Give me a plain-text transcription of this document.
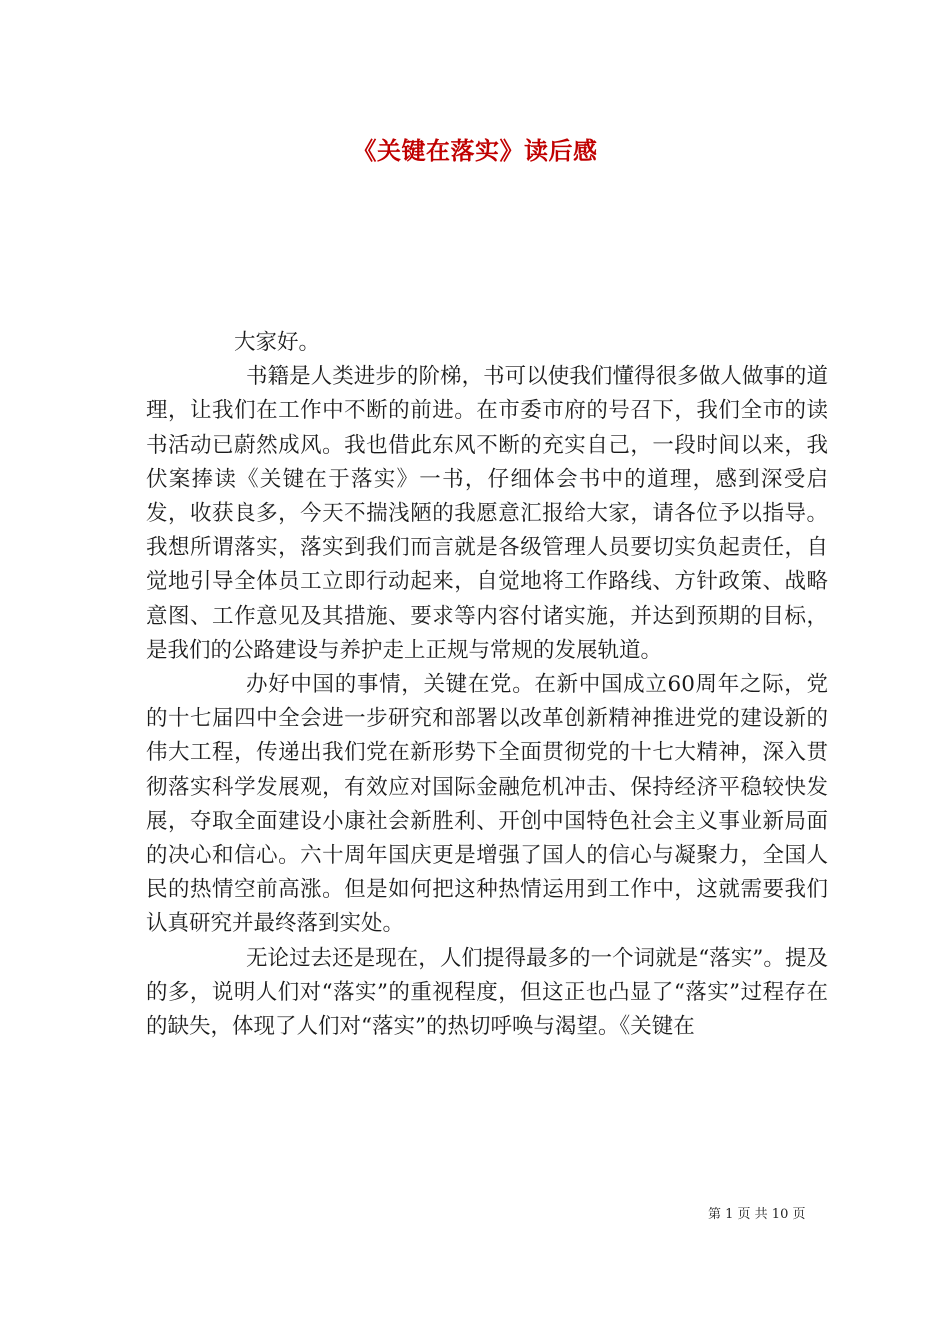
《关键在落实》读后感

大家好。

书籍是人类进步的阶梯，书可以使我们懂得很多做人做事的道理，让我们在工作中不断的前进。在市委市府的号召下，我们全市的读书活动已蔚然成风。我也借此东风不断的充实自己，一段时间以来，我伏案捧读《关键在于落实》一书，仔细体会书中的道理，感到深受启发，收获良多，今天不揣浅陋的我愿意汇报给大家，请各位予以指导。我想所谓落实，落实到我们而言就是各级管理人员要切实负起责任，自觉地引导全体员工立即行动起来，自觉地将工作路线、方针政策、战略意图、工作意见及其措施、要求等内容付诸实施，并达到预期的目标，是我们的公路建设与养护走上正规与常规的发展轨道。

办好中国的事情，关键在党。在新中国成立60周年之际，党的十七届四中全会进一步研究和部署以改革创新精神推进党的建设新的伟大工程，传递出我们党在新形势下全面贯彻党的十七大精神，深入贯彻落实科学发展观，有效应对国际金融危机冲击、保持经济平稳较快发展，夺取全面建设小康社会新胜利、开创中国特色社会主义事业新局面的决心和信心。六十周年国庆更是增强了国人的信心与凝聚力，全国人民的热情空前高涨。但是如何把这种热情运用到工作中，这就需要我们认真研究并最终落到实处。

无论过去还是现在，人们提得最多的一个词就是“落实”。提及的多，说明人们对“落实”的重视程度，但这正也凸显了“落实”过程存在的缺失，体现了人们对“落实”的热切呼唤与渴望。《关键在

第 1 页 共 10 页
